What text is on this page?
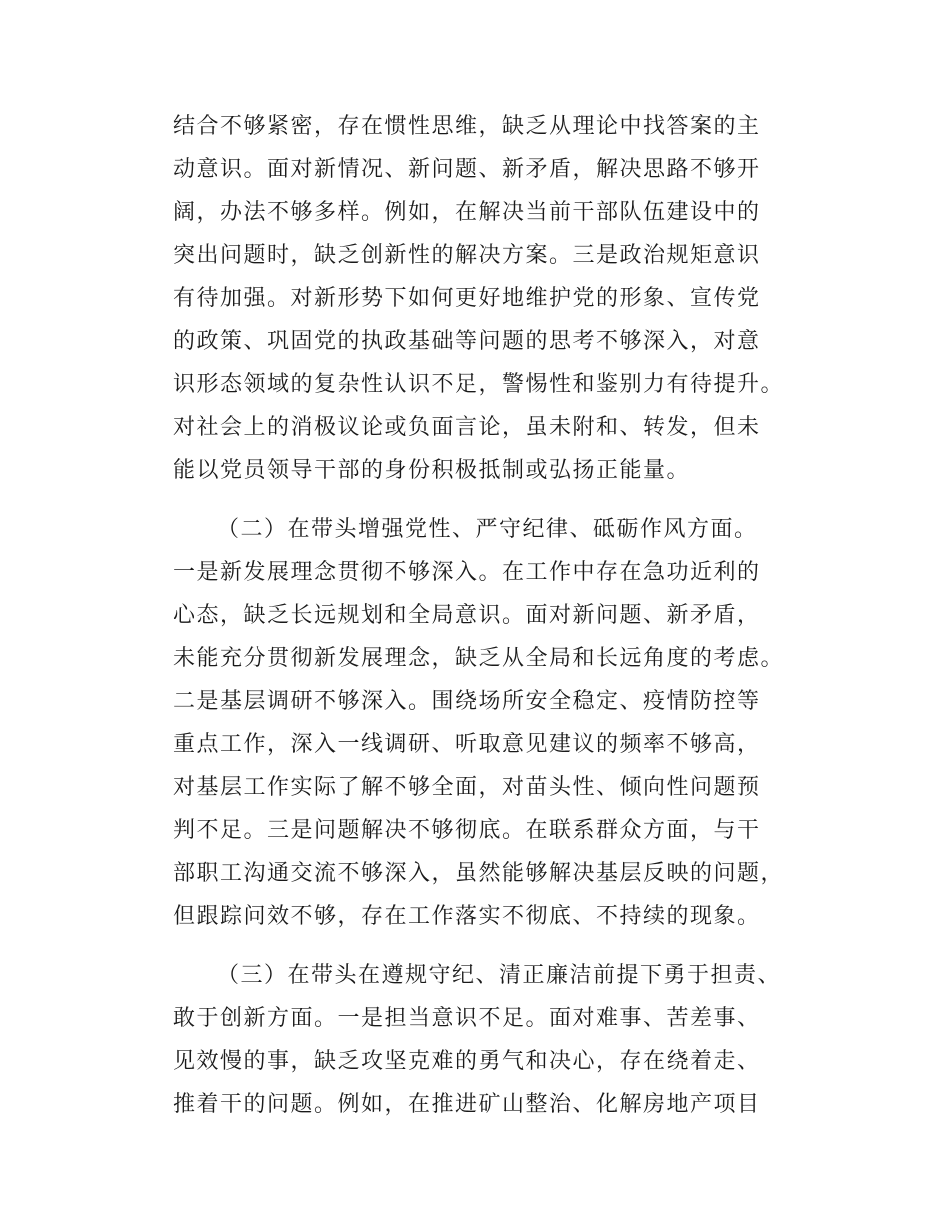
结合不够紧密，存在惯性思维，缺乏从理论中找答案的主
动意识。面对新情况、新问题、新矛盾，解决思路不够开
阔，办法不够多样。例如，在解决当前干部队伍建设中的
突出问题时，缺乏创新性的解决方案。三是政治规矩意识
有待加强。对新形势下如何更好地维护党的形象、宣传党
的政策、巩固党的执政基础等问题的思考不够深入，对意
识形态领域的复杂性认识不足，警惕性和鉴别力有待提升。
对社会上的消极议论或负面言论，虽未附和、转发，但未
能以党员领导干部的身份积极抵制或弘扬正能量。
（二）在带头增强党性、严守纪律、砥砺作风方面。
一是新发展理念贯彻不够深入。在工作中存在急功近利的
心态，缺乏长远规划和全局意识。面对新问题、新矛盾，
未能充分贯彻新发展理念，缺乏从全局和长远角度的考虑。
二是基层调研不够深入。围绕场所安全稳定、疫情防控等
重点工作，深入一线调研、听取意见建议的频率不够高，
对基层工作实际了解不够全面，对苗头性、倾向性问题预
判不足。三是问题解决不够彻底。在联系群众方面，与干
部职工沟通交流不够深入，虽然能够解决基层反映的问题，
但跟踪问效不够，存在工作落实不彻底、不持续的现象。
（三）在带头在遵规守纪、清正廉洁前提下勇于担责、
敢于创新方面。一是担当意识不足。面对难事、苦差事、
见效慢的事，缺乏攻坚克难的勇气和决心，存在绕着走、
推着干的问题。例如，在推进矿山整治、化解房地产项目
